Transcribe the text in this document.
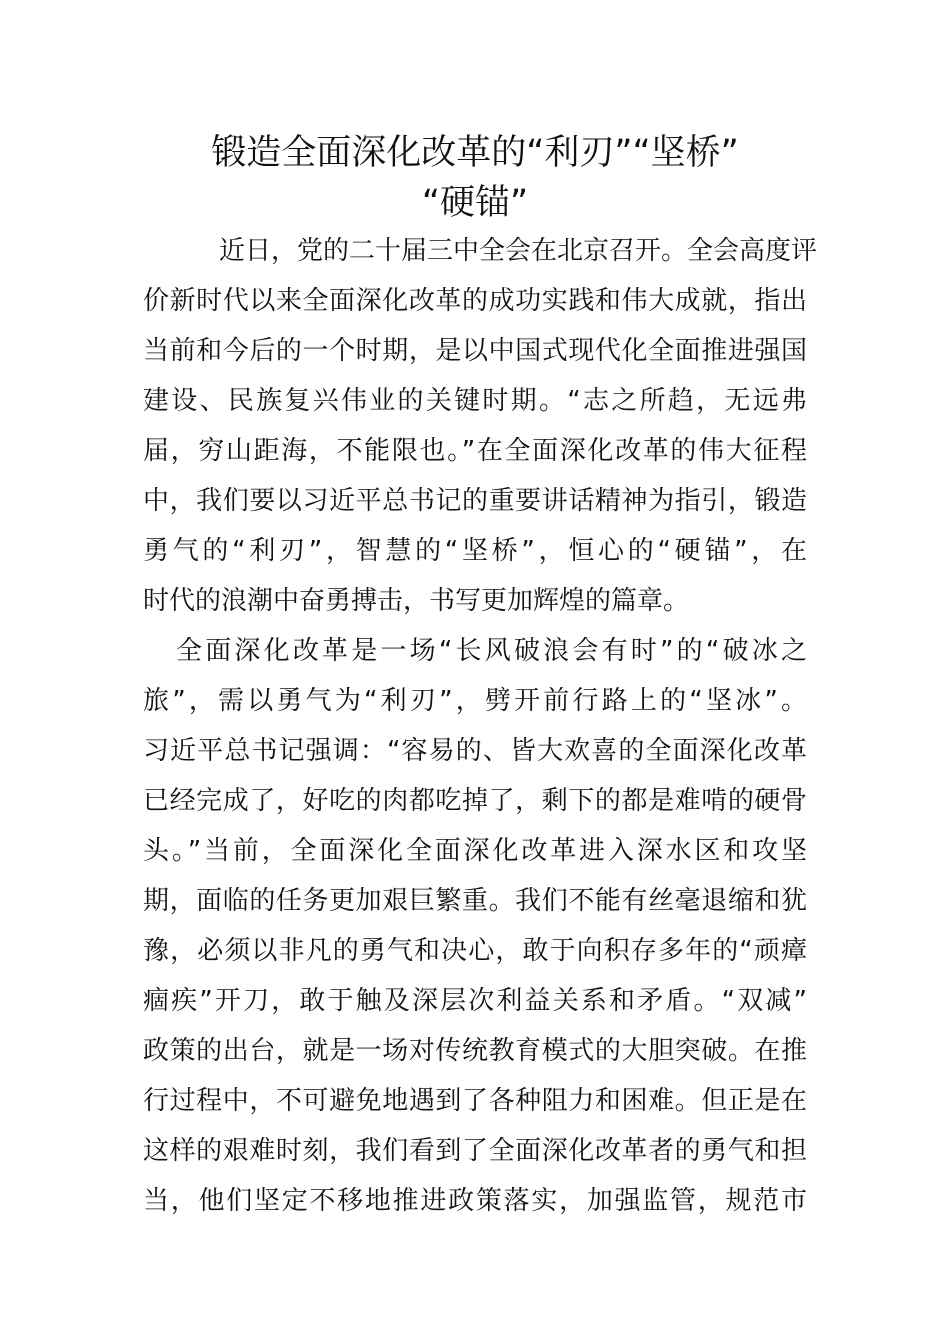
锻造全面深化改革的“利刃”“坚桥”
“硬锚”

近日，党的二十届三中全会在北京召开。全会高度评

价新时代以来全面深化改革的成功实践和伟大成就，指出

当前和今后的一个时期，是以中国式现代化全面推进强国

建设、民族复兴伟业的关键时期。“志之所趋，无远弗

届，穷山距海，不能限也。”在全面深化改革的伟大征程

中，我们要以习近平总书记的重要讲话精神为指引，锻造

勇气的“利刃”，智慧的“坚桥”，恒心的“硬锚”，在

时代的浪潮中奋勇搏击，书写更加辉煌的篇章。

全面深化改革是一场“长风破浪会有时”的“破冰之

旅”，需以勇气为“利刃”，劈开前行路上的“坚冰”。

习近平总书记强调：“容易的、皆大欢喜的全面深化改革

已经完成了，好吃的肉都吃掉了，剩下的都是难啃的硬骨

头。”当前，全面深化全面深化改革进入深水区和攻坚

期，面临的任务更加艰巨繁重。我们不能有丝毫退缩和犹

豫，必须以非凡的勇气和决心，敢于向积存多年的“顽瘴

痼疾”开刀，敢于触及深层次利益关系和矛盾。“双减”

政策的出台，就是一场对传统教育模式的大胆突破。在推

行过程中，不可避免地遇到了各种阻力和困难。但正是在

这样的艰难时刻，我们看到了全面深化改革者的勇气和担

当，他们坚定不移地推进政策落实，加强监管，规范市
